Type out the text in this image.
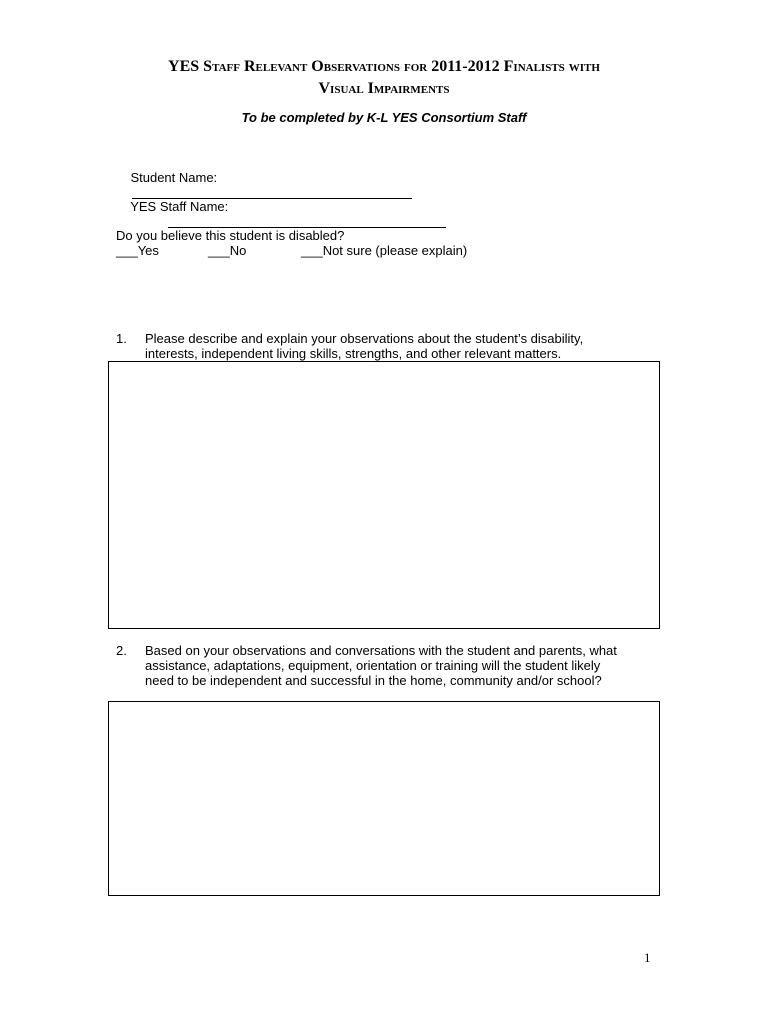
YES Staff Relevant Observations for 2011-2012 Finalists with
Visual Impairments
To be completed by K-L YES Consortium Staff

Student Name:

YES Staff Name:

Do you believe this student is disabled?
___Yes	___No	___Not sure (please explain)
1. Please describe and explain your observations about the student’s disability,
interests, independent living skills, strengths, and other relevant matters.
2. Based on your observations and conversations with the student and parents, what
assistance, adaptations, equipment, orientation or training will the student likely
need to be independent and successful in the home, community and/or school?
1
